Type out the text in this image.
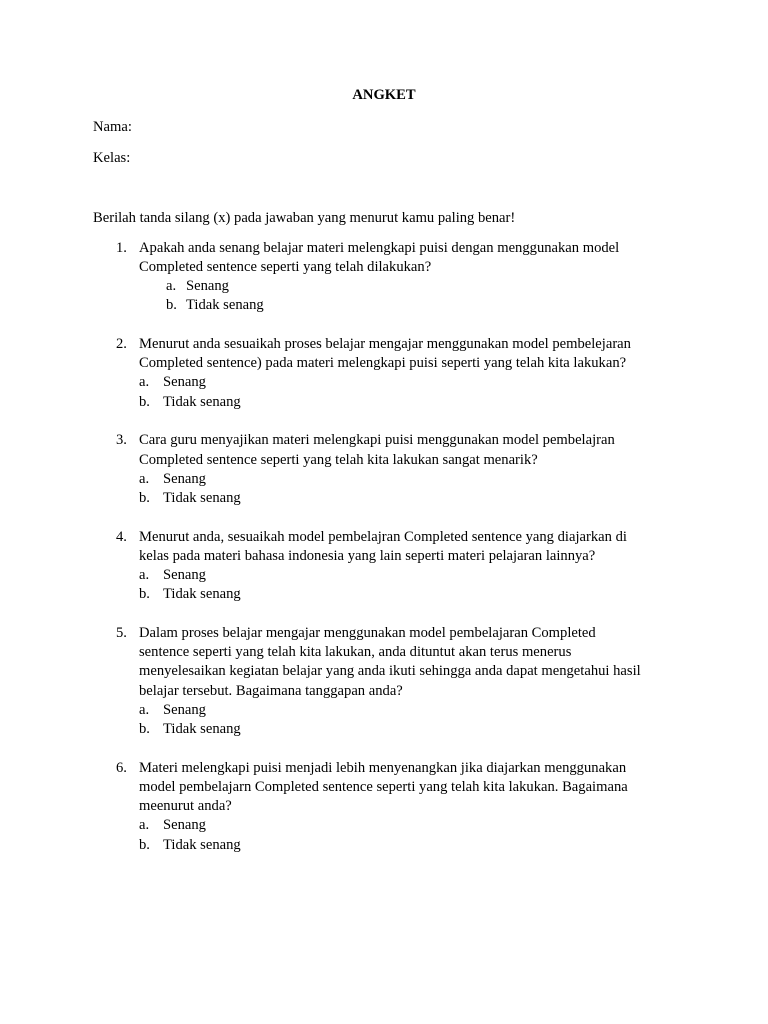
ANGKET
Nama:
Kelas:
Berilah tanda silang (x) pada jawaban yang menurut kamu paling benar!
1. Apakah anda senang belajar materi melengkapi puisi dengan menggunakan model
Completed sentence seperti yang telah dilakukan?
a. Senang
b. Tidak senang
2. Menurut anda sesuaikah proses belajar mengajar menggunakan model pembelejaran
Completed sentence) pada materi melengkapi puisi seperti yang telah kita lakukan?
a. Senang
b. Tidak senang
3. Cara guru menyajikan materi melengkapi puisi menggunakan model pembelajran
Completed sentence seperti yang telah kita lakukan sangat menarik?
a. Senang
b. Tidak senang
4. Menurut anda, sesuaikah model pembelajran Completed sentence yang diajarkan di
kelas pada materi bahasa indonesia yang lain seperti materi pelajaran lainnya?
a. Senang
b. Tidak senang
5. Dalam proses belajar mengajar menggunakan model pembelajaran Completed
sentence seperti yang telah kita lakukan, anda dituntut akan terus menerus
menyelesaikan kegiatan belajar yang anda ikuti sehingga anda dapat mengetahui hasil
belajar tersebut. Bagaimana tanggapan anda?
a. Senang
b. Tidak senang
6. Materi melengkapi puisi menjadi lebih menyenangkan jika diajarkan menggunakan
model pembelajarn Completed sentence seperti yang telah kita lakukan. Bagaimana
meenurut anda?
a. Senang
b. Tidak senang
